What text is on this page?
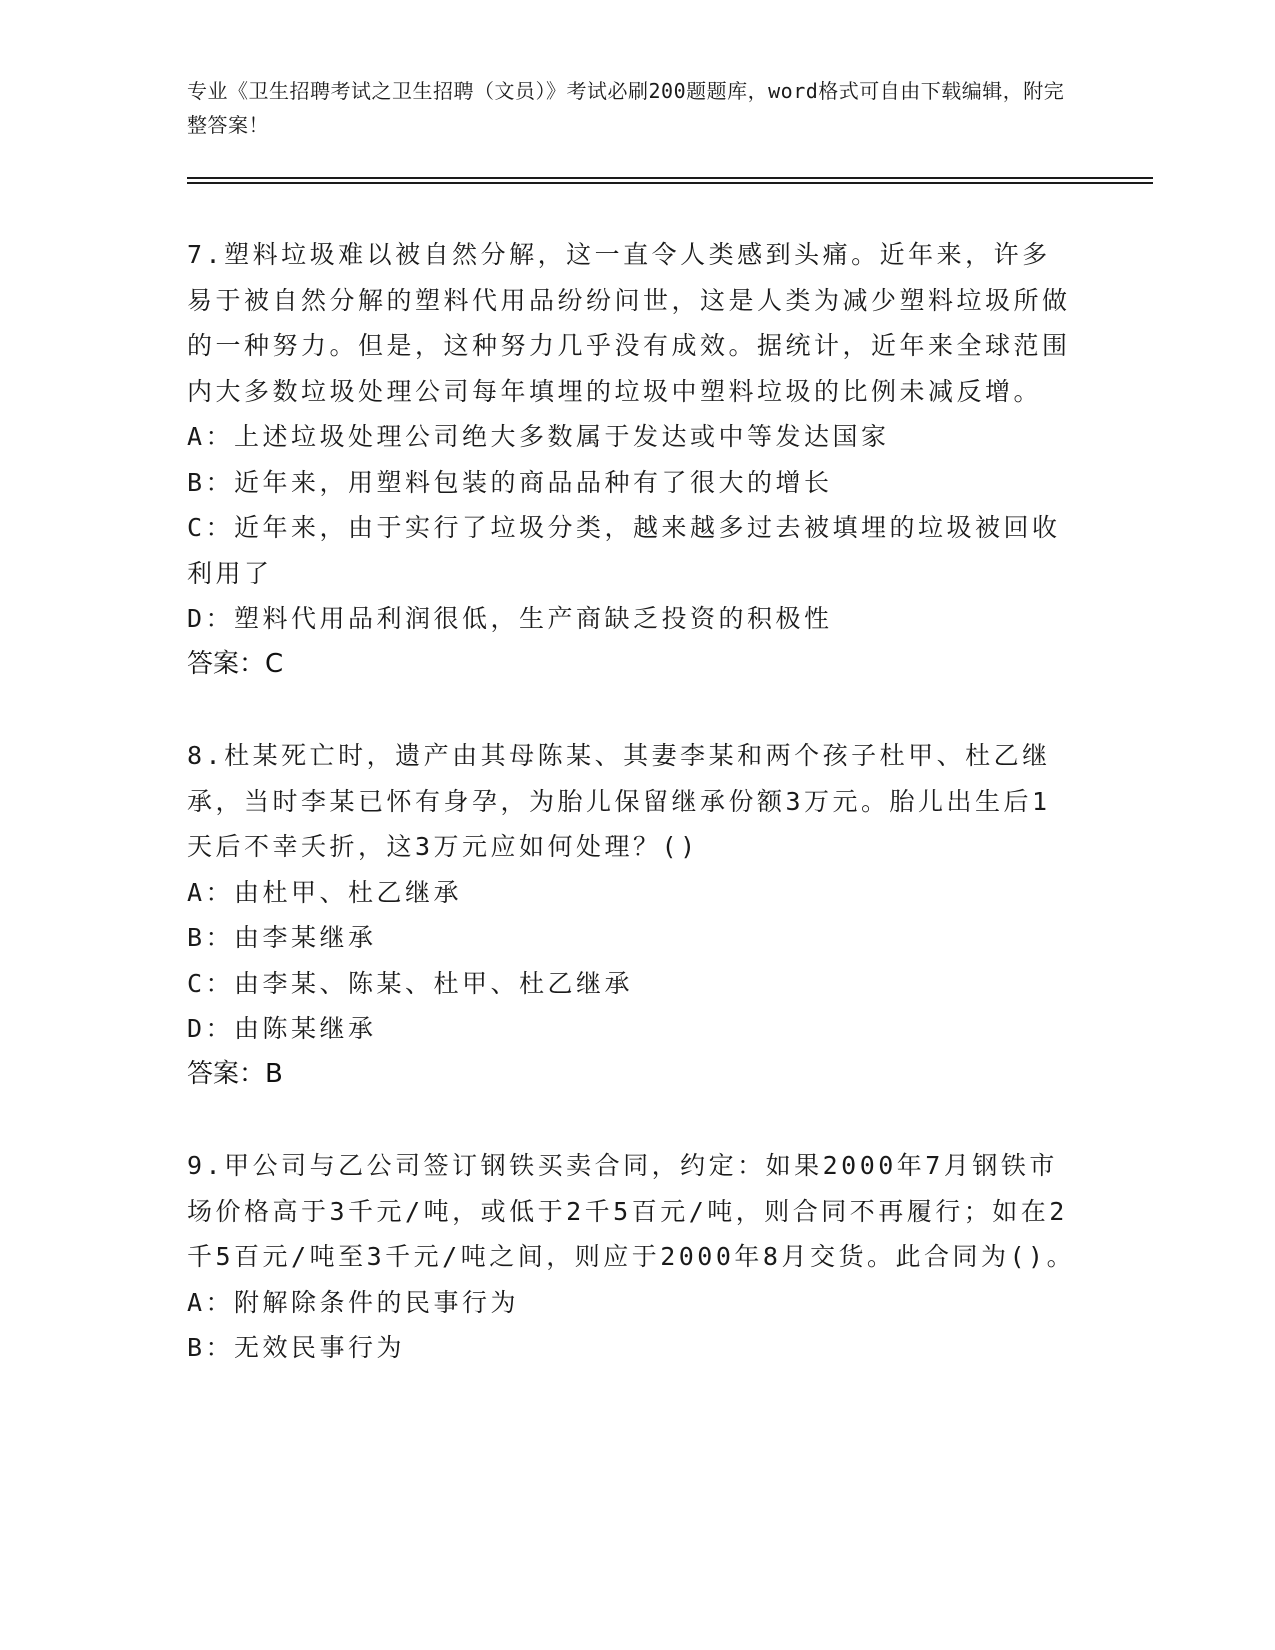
专业《卫生招聘考试之卫生招聘（文员）》考试必刷200题题库，word格式可自由下载编辑，附完整答案！

7.塑料垃圾难以被自然分解，这一直令人类感到头痛。近年来，许多易于被自然分解的塑料代用品纷纷问世，这是人类为减少塑料垃圾所做的一种努力。但是，这种努力几乎没有成效。据统计，近年来全球范围内大多数垃圾处理公司每年填埋的垃圾中塑料垃圾的比例未减反增。

A：上述垃圾处理公司绝大多数属于发达或中等发达国家

B：近年来，用塑料包装的商品品种有了很大的增长

C：近年来，由于实行了垃圾分类，越来越多过去被填埋的垃圾被回收利用了

D：塑料代用品利润很低，生产商缺乏投资的积极性

答案：C

8.杜某死亡时，遗产由其母陈某、其妻李某和两个孩子杜甲、杜乙继承，当时李某已怀有身孕，为胎儿保留继承份额3万元。胎儿出生后1天后不幸夭折，这3万元应如何处理？()

A：由杜甲、杜乙继承

B：由李某继承

C：由李某、陈某、杜甲、杜乙继承

D：由陈某继承

答案：B

9.甲公司与乙公司签订钢铁买卖合同，约定：如果2000年7月钢铁市场价格高于3千元/吨，或低于2千5百元/吨，则合同不再履行；如在2千5百元/吨至3千元/吨之间，则应于2000年8月交货。此合同为()。

A：附解除条件的民事行为

B：无效民事行为
